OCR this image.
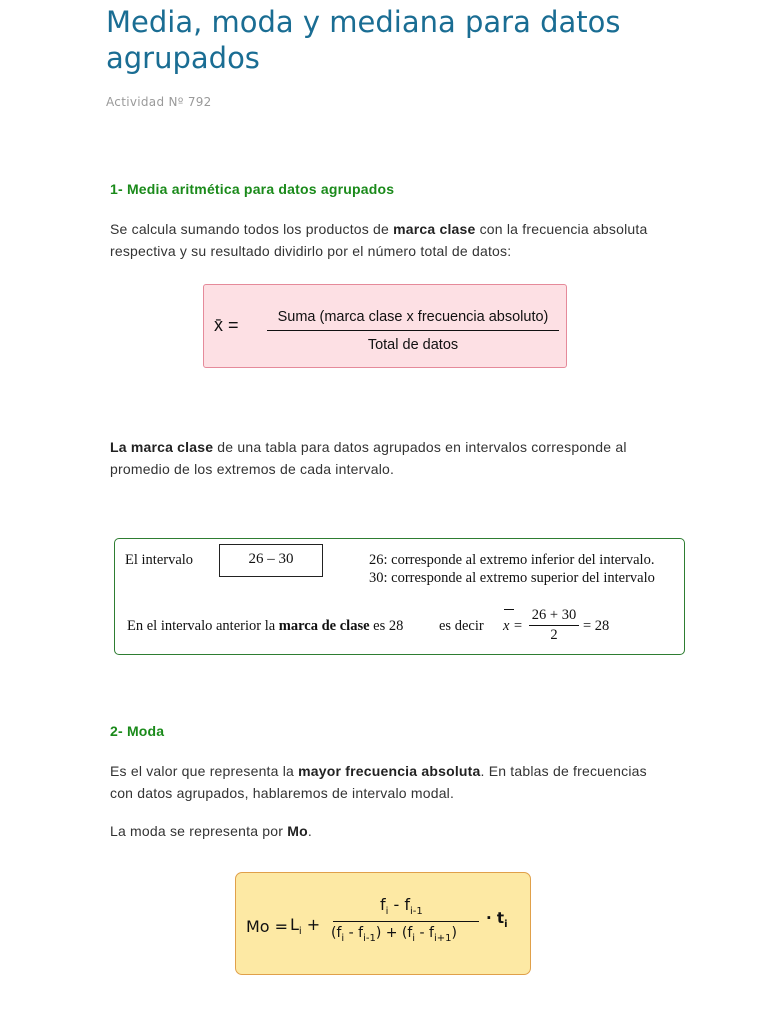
Media, moda y mediana para datos agrupados
Actividad Nº 792
1- Media aritmética para datos agrupados

Se calcula sumando todos los productos de marca clase con la frecuencia absoluta respectiva y su resultado dividirlo por el número total de datos:

x̄ =	Suma (marca clase x frecuencia absoluto)
Total de datos

La marca clase de una tabla para datos agrupados en intervalos corresponde al promedio de los extremos de cada intervalo.

El intervalo	26 – 30	26: corresponde al extremo inferior del intervalo.
30: corresponde al extremo superior del intervalo
En el intervalo anterior la marca de clase es 28 es decir x =
26 + 30
2
= 28
2- Moda

Es el valor que representa la mayor frecuencia absoluta. En tablas de frecuencias con datos agrupados, hablaremos de intervalo modal.

La moda se representa por Mo.

$Mo = L_i$ +
$f_i - f_{i-1}$
$(f_i - f_{i-1}) + (f_i - f_{i+1})$
· $t_i$
